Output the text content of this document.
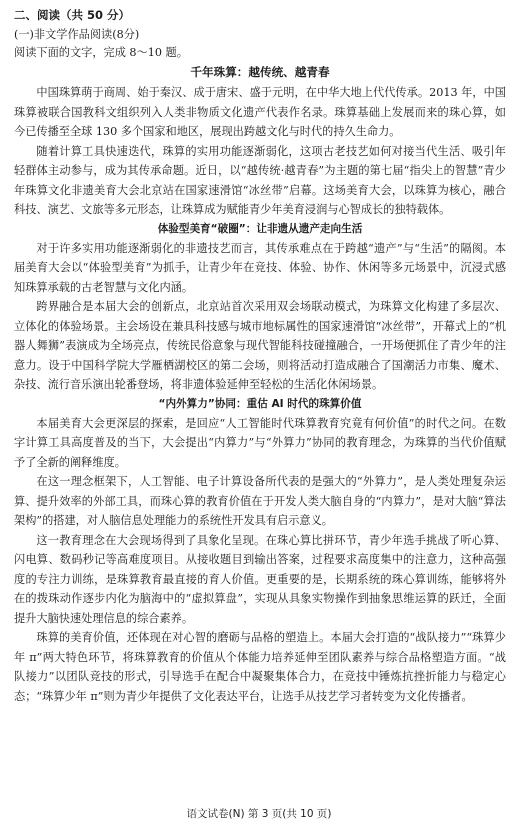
二、阅读（共 50 分）
(一)非文学作品阅读(8分)
阅读下面的文字，完成 8～10 题。
千年珠算：越传统、越青春

中国珠算萌于商周、始于秦汉、成于唐宋、盛于元明，在中华大地上代代传承。2013 年，中国珠算被联合国教科文组织列入人类非物质文化遗产代表作名录。珠算基础上发展而来的珠心算，如今已传播至全球 130 多个国家和地区，展现出跨越文化与时代的持久生命力。

随着计算工具快速迭代，珠算的实用功能逐渐弱化，这项古老技艺如何对接当代生活、吸引年轻群体主动参与，成为其传承命题。近日，以“越传统·越青春”为主题的第七届“指尖上的智慧”青少年珠算文化非遗美育大会北京站在国家速滑馆“冰丝带”启幕。这场美育大会，以珠算为核心，融合科技、演艺、文旅等多元形态，让珠算成为赋能青少年美育浸润与心智成长的独特载体。

体验型美育“破圈”：让非遗从遗产走向生活

对于许多实用功能逐渐弱化的非遗技艺而言，其传承难点在于跨越“遗产”与“生活”的隔阂。本届美育大会以“体验型美育”为抓手，让青少年在竞技、体验、协作、休闲等多元场景中，沉浸式感知珠算承载的古老智慧与文化内涵。

跨界融合是本届大会的创新点，北京站首次采用双会场联动模式，为珠算文化构建了多层次、立体化的体验场景。主会场设在兼具科技感与城市地标属性的国家速滑馆“冰丝带”，开幕式上的“机器人舞狮”表演成为全场亮点，传统民俗意象与现代智能科技碰撞融合，一开场便抓住了青少年的注意力。设于中国科学院大学雁栖湖校区的第二会场，则将活动打造成融合了国潮活力市集、魔术、杂技、流行音乐演出轮番登场，将非遗体验延伸至轻松的生活化休闲场景。

“内外算力”协同：重估 AI 时代的珠算价值

本届美育大会更深层的探索，是回应“人工智能时代珠算教育究竟有何价值”的时代之问。在数字计算工具高度普及的当下，大会提出“内算力”与“外算力”协同的教育理念，为珠算的当代价值赋予了全新的阐释维度。

在这一理念框架下，人工智能、电子计算设备所代表的是强大的“外算力”，是人类处理复杂运算、提升效率的外部工具，而珠心算的教育价值在于开发人类大脑自身的“内算力”，是对大脑“算法架构”的搭建，对人脑信息处理能力的系统性开发具有启示意义。

这一教育理念在大会现场得到了具象化呈现。在珠心算比拼环节，青少年选手挑战了听心算、闪电算、数码秒记等高难度项目。从接收题目到输出答案，过程要求高度集中的注意力，这种高强度的专注力训练，是珠算教育最直接的育人价值。更重要的是，长期系统的珠心算训练，能够将外在的拨珠动作逐步内化为脑海中的“虚拟算盘”，实现从具象实物操作到抽象思维运算的跃迁，全面提升大脑快速处理信息的综合素养。

珠算的美育价值，还体现在对心智的磨砺与品格的塑造上。本届大会打造的“战队接力”“珠算少年 π”两大特色环节，将珠算教育的价值从个体能力培养延伸至团队素养与综合品格塑造方面。“战队接力”以团队竞技的形式，引导选手在配合中凝聚集体合力，在竞技中锤炼抗挫折能力与稳定心态；“珠算少年 π”则为青少年提供了文化表达平台，让选手从技艺学习者转变为文化传播者。

语文试卷(N) 第 3 页(共 10 页)
